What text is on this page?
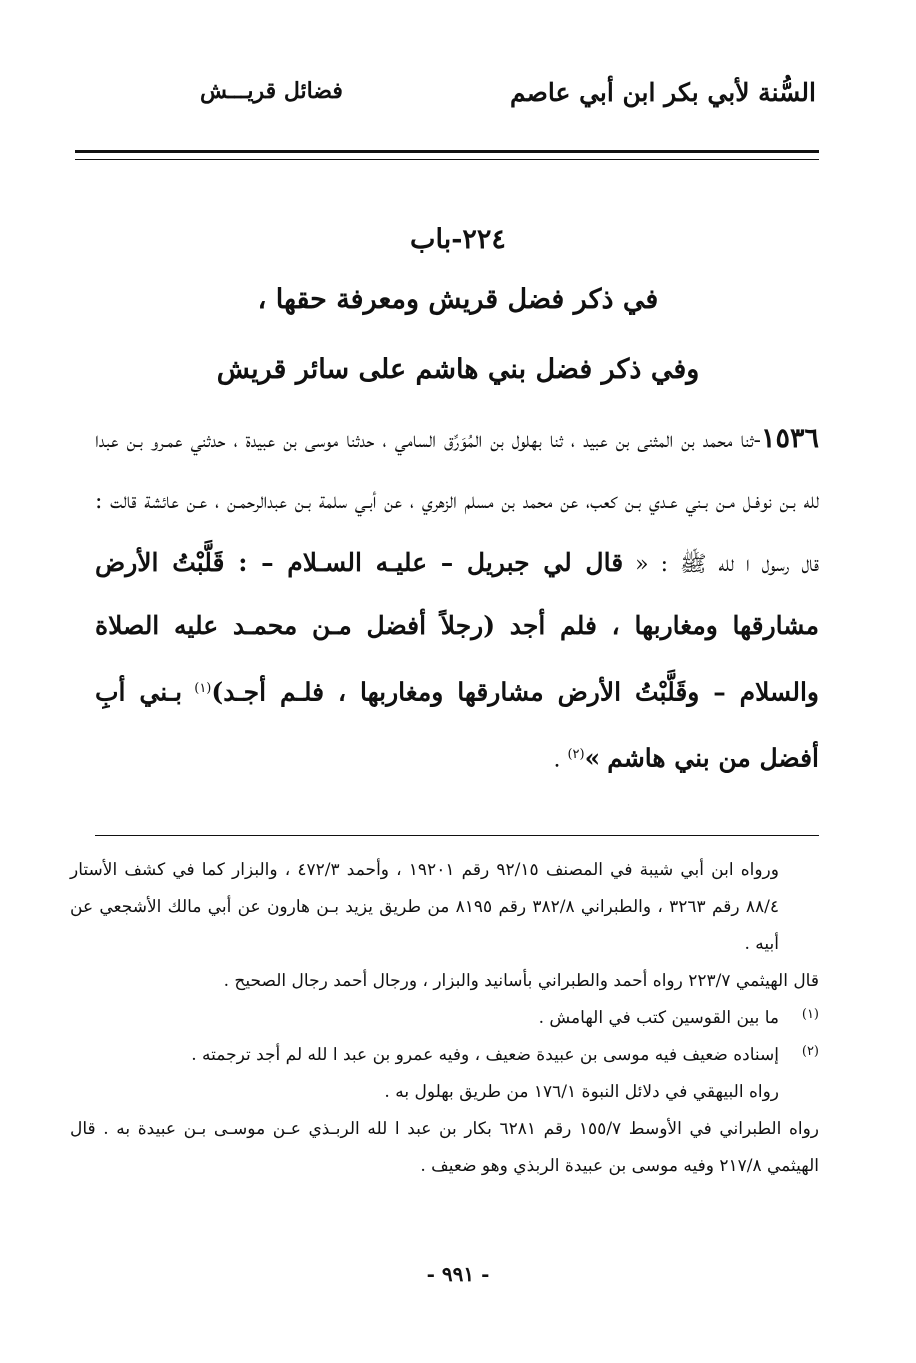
السُّنة لأبي بكر ابن أبي عاصم
فضائل قريـــش
٢٢٤-باب
في ذكر فضل قريش ومعرفة حقها ،
وفي ذكر فضل بني هاشم على سائر قريش
١٥٣٦-ثنا محمد بن المثنى بن عبيد ، ثنا بهلول بن المُوَرِّق السامي ، حدثنا موسى بن عبيدة ، حدثني عمـرو بـن عبدا لله بـن نوفـل مـن بـني عـدي بـن كعب، عن محمد بن مسلم الزهري ، عن أبـي سلمة بـن عبدالرحمـن ، عـن عائشة قالت : قال رسول ا لله ﷺ : « قال لي جبريل – عليـه السـلام – : قَلَّبْتُ الأرض مشارقها ومغاربها ، فلم أجد (رجلاً أفضل مـن محمـد عليه الصلاة والسلام – وقَلَّبْتُ الأرض مشارقها ومغاربها ، فلـم أجـد)$^{(١)}$ بـني أبِ أفضل من بني هاشم »$^{(٢)}$ .

ورواه ابن أبي شيبة في المصنف ٩٢/١٥ رقم ١٩٢٠١ ، وأحمد ٤٧٢/٣ ، والبزار كما في كشف الأستار ٨٨/٤ رقم ٣٢٦٣ ، والطبراني ٣٨٢/٨ رقم ٨١٩٥ من طريق يزيد بـن هارون عن أبي مالك الأشجعي عن أبيه .

قال الهيثمي ٢٢٣/٧ رواه أحمد والطبراني بأسانيد والبزار ، ورجال أحمد رجال الصحيح .

(١)
ما بين القوسين كتب في الهامش .

(٢)
إسناده ضعيف فيه موسى بن عبيدة ضعيف ، وفيه عمرو بن عبد ا لله لم أجد ترجمته .

رواه البيهقي في دلائل النبوة ١٧٦/١ من طريق بهلول به .

رواه الطبراني في الأوسط ١٥٥/٧ رقم ٦٢٨١ بكار بن عبد ا لله الربـذي عـن موسـى بـن عبيدة به . قال الهيثمي ٢١٧/٨ وفيه موسى بن عبيدة الربذي وهو ضعيف .

- ٩٩١ -
